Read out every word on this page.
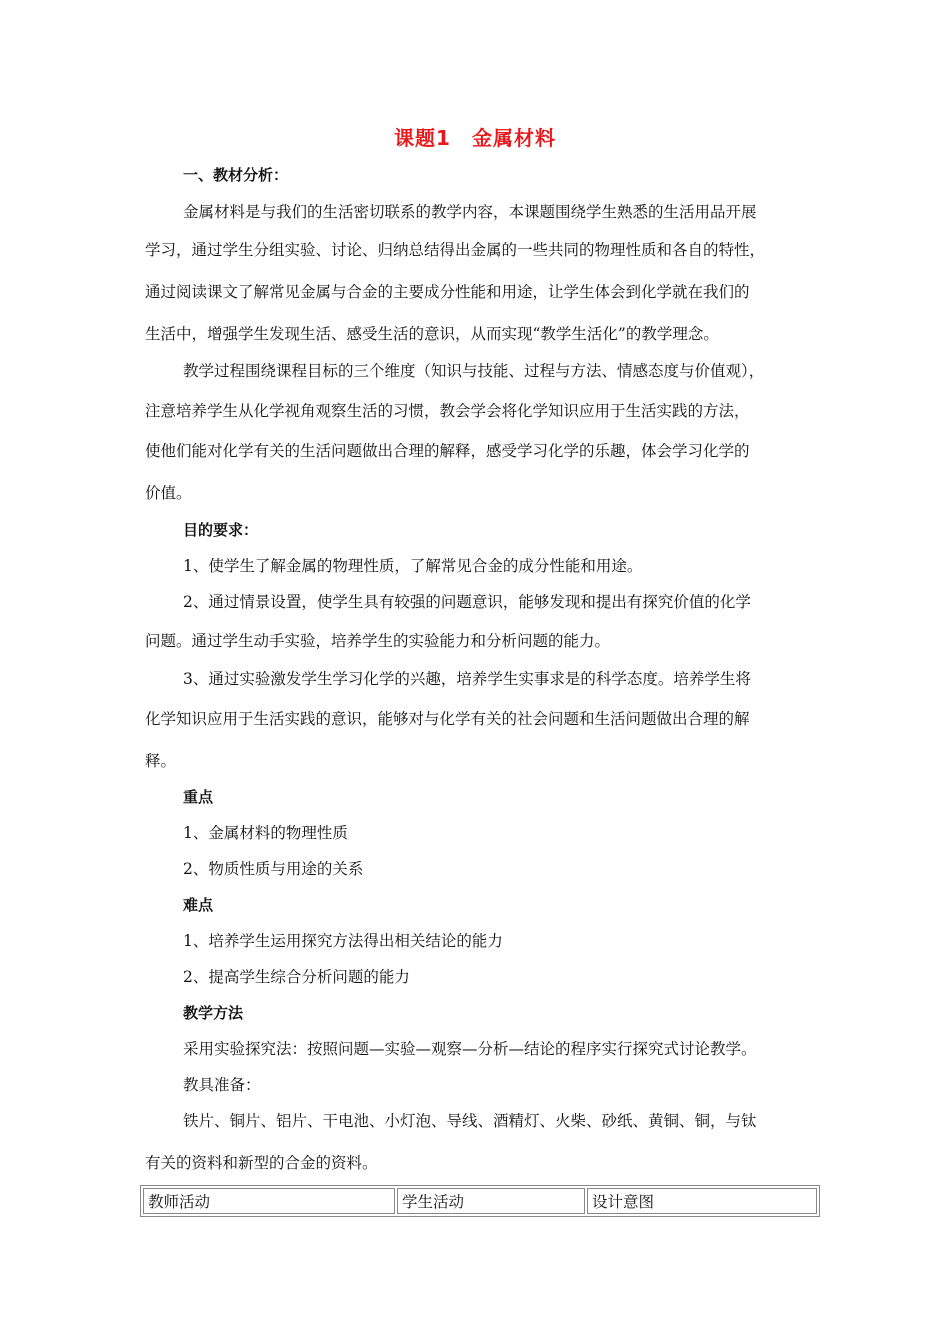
课题1　金属材料
一、教材分析：
金属材料是与我们的生活密切联系的教学内容，本课题围绕学生熟悉的生活用品开展
学习，通过学生分组实验、讨论、归纳总结得出金属的一些共同的物理性质和各自的特性，
通过阅读课文了解常见金属与合金的主要成分性能和用途，让学生体会到化学就在我们的
生活中，增强学生发现生活、感受生活的意识，从而实现“教学生活化”的教学理念。
教学过程围绕课程目标的三个维度（知识与技能、过程与方法、情感态度与价值观），
注意培养学生从化学视角观察生活的习惯，教会学会将化学知识应用于生活实践的方法，
使他们能对化学有关的生活问题做出合理的解释，感受学习化学的乐趣，体会学习化学的
价值。
目的要求：
1、使学生了解金属的物理性质，了解常见合金的成分性能和用途。
2、通过情景设置，使学生具有较强的问题意识，能够发现和提出有探究价值的化学
问题。通过学生动手实验，培养学生的实验能力和分析问题的能力。
3、通过实验激发学生学习化学的兴趣，培养学生实事求是的科学态度。培养学生将
化学知识应用于生活实践的意识，能够对与化学有关的社会问题和生活问题做出合理的解
释。
重点
1、金属材料的物理性质
2、物质性质与用途的关系
难点
1、培养学生运用探究方法得出相关结论的能力
2、提高学生综合分析问题的能力
教学方法
采用实验探究法：按照问题—实验—观察—分析—结论的程序实行探究式讨论教学。
教具准备：
铁片、铜片、铝片、干电池、小灯泡、导线、酒精灯、火柴、砂纸、黄铜、铜，与钛
有关的资料和新型的合金的资料。
教师活动	学生活动	设计意图
